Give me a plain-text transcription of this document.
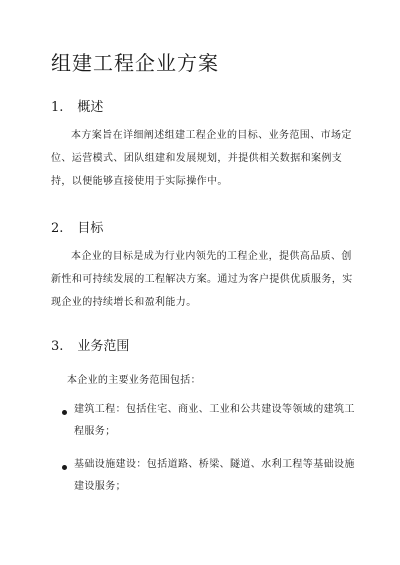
组建工程企业方案
1. 概述
本方案旨在详细阐述组建工程企业的目标、业务范围、市场定位、运营模式、团队组建和发展规划，并提供相关数据和案例支持，以便能够直接使用于实际操作中。
2. 目标
本企业的目标是成为行业内领先的工程企业，提供高品质、创新性和可持续发展的工程解决方案。通过为客户提供优质服务，实现企业的持续增长和盈利能力。
3. 业务范围
本企业的主要业务范围包括：
建筑工程：包括住宅、商业、工业和公共建设等领域的建筑工程服务；
基础设施建设：包括道路、桥梁、隧道、水利工程等基础设施建设服务；
